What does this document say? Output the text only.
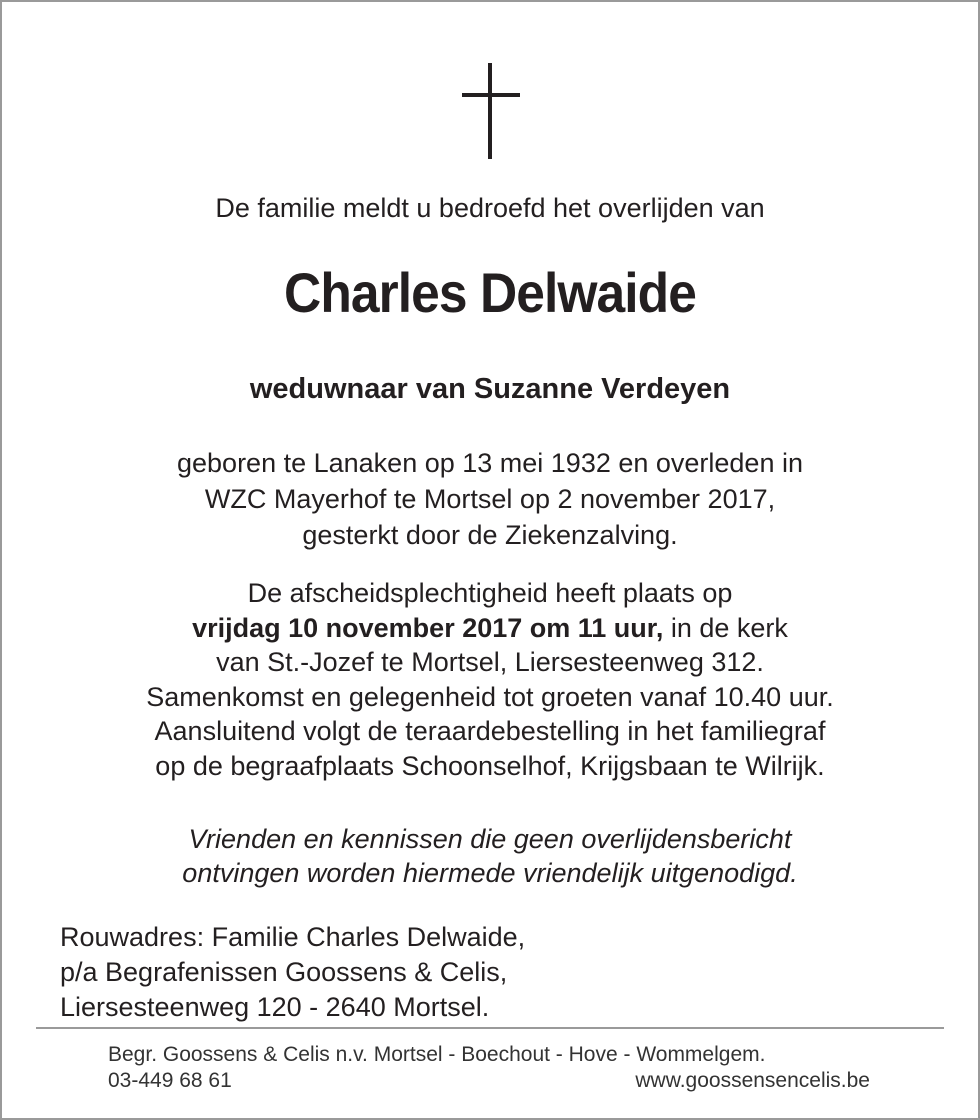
De familie meldt u bedroefd het overlijden van
Charles Delwaide
weduwnaar van Suzanne Verdeyen
geboren te Lanaken op 13 mei 1932 en overleden in
WZC Mayerhof te Mortsel op 2 november 2017,
gesterkt door de Ziekenzalving.
De afscheidsplechtigheid heeft plaats op
vrijdag 10 november 2017 om 11 uur, in de kerk
van St.-Jozef te Mortsel, Liersesteenweg 312.
Samenkomst en gelegenheid tot groeten vanaf 10.40 uur.
Aansluitend volgt de teraardebestelling in het familiegraf
op de begraafplaats Schoonselhof, Krijgsbaan te Wilrijk.
Vrienden en kennissen die geen overlijdensbericht
ontvingen worden hiermede vriendelijk uitgenodigd.
Rouwadres: Familie Charles Delwaide,
p/a Begrafenissen Goossens & Celis,
Liersesteenweg 120 - 2640 Mortsel.
Begr. Goossens & Celis n.v. Mortsel - Boechout - Hove - Wommelgem.
03-449 68 61	www.goossensencelis.be
